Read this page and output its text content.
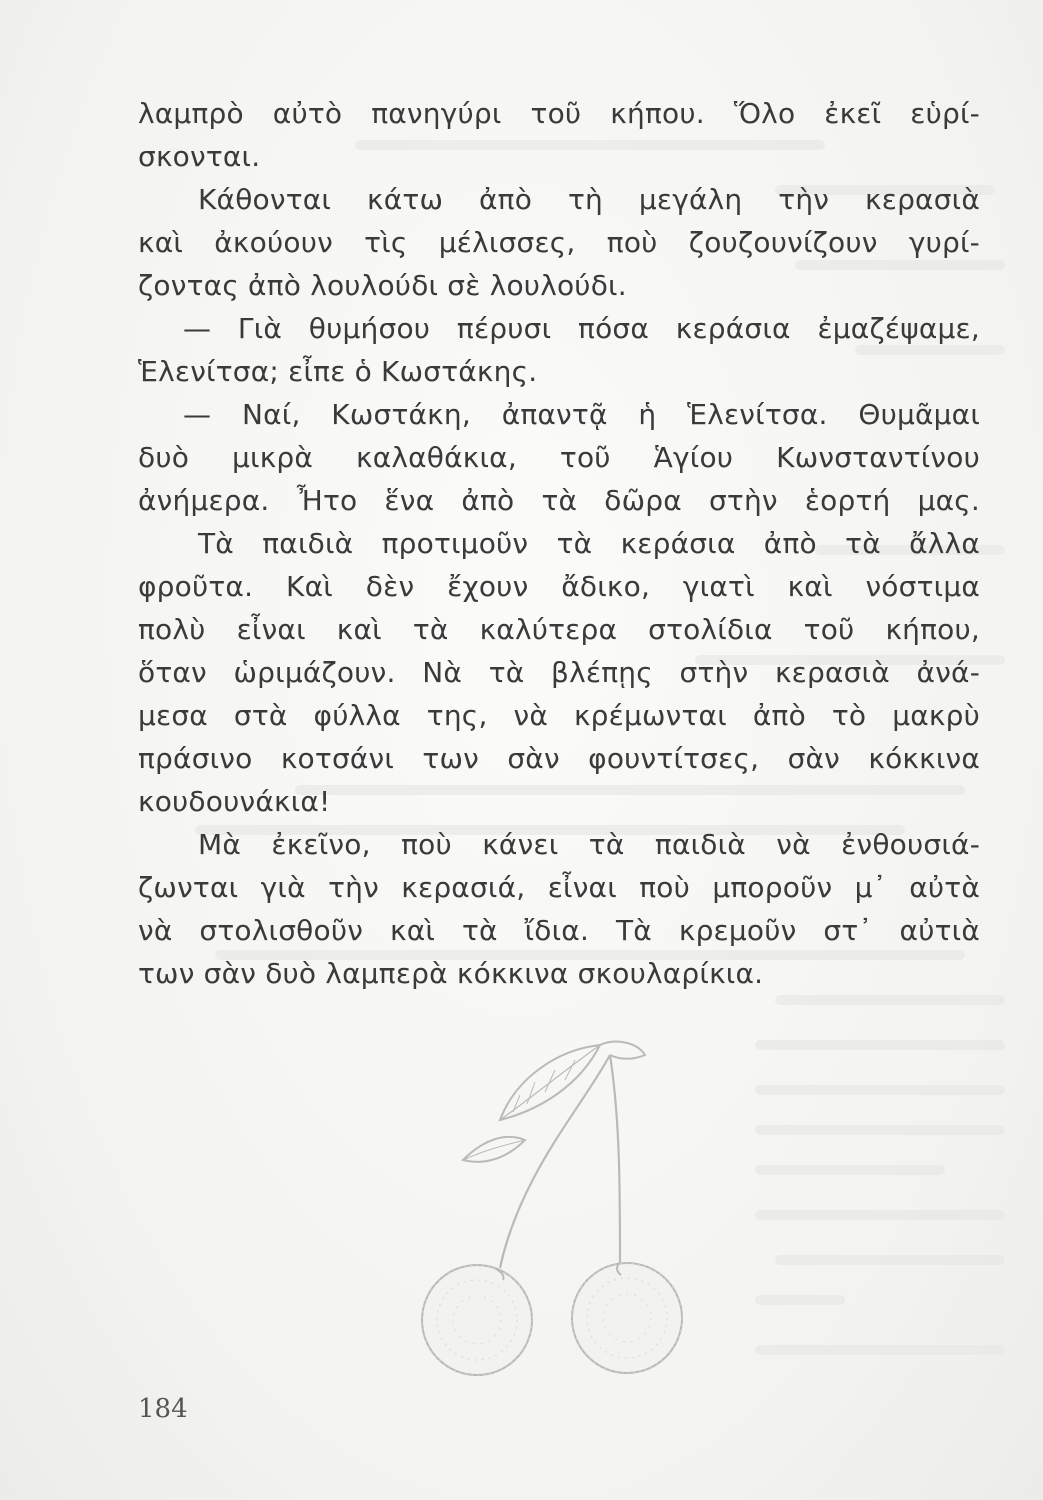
λαμπρὸ αὐτὸ πανηγύρι τοῦ κήπου. Ὅλο ἐκεῖ εὑρί-
σκονται.
Κάθονται κάτω ἀπὸ τὴ μεγάλη τὴν κερασιὰ
καὶ ἀκούουν τὶς μέλισσες, ποὺ ζουζουνίζουν γυρί-
ζοντας ἀπὸ λουλούδι σὲ λουλούδι.
— Γιὰ θυμήσου πέρυσι πόσα κεράσια ἐμαζέψαμε,
Ἑλενίτσα; εἶπε ὁ Κωστάκης.
— Ναί, Κωστάκη, ἀπαντᾷ ἡ Ἑλενίτσα. Θυμᾶμαι
δυὸ μικρὰ καλαθάκια, τοῦ Ἁγίου Κωνσταντίνου
ἀνήμερα. Ἦτο ἕνα ἀπὸ τὰ δῶρα στὴν ἑορτή μας.
Τὰ παιδιὰ προτιμοῦν τὰ κεράσια ἀπὸ τὰ ἄλλα
φροῦτα. Καὶ δὲν ἔχουν ἄδικο, γιατὶ καὶ νόστιμα
πολὺ εἶναι καὶ τὰ καλύτερα στολίδια τοῦ κήπου,
ὅταν ὡριμάζουν. Νὰ τὰ βλέπῃς στὴν κερασιὰ ἀνά-
μεσα στὰ φύλλα της, νὰ κρέμωνται ἀπὸ τὸ μακρὺ
πράσινο κοτσάνι των σὰν φουντίτσες, σὰν κόκκινα
κουδουνάκια!
Μὰ ἐκεῖνο, ποὺ κάνει τὰ παιδιὰ νὰ ἐνθουσιά-
ζωνται γιὰ τὴν κερασιά, εἶναι ποὺ μποροῦν μ᾽ αὐτὰ
νὰ στολισθοῦν καὶ τὰ ἴδια. Τὰ κρεμοῦν στ᾽ αὐτιὰ
των σὰν δυὸ λαμπερὰ κόκκινα σκουλαρίκια.
184
